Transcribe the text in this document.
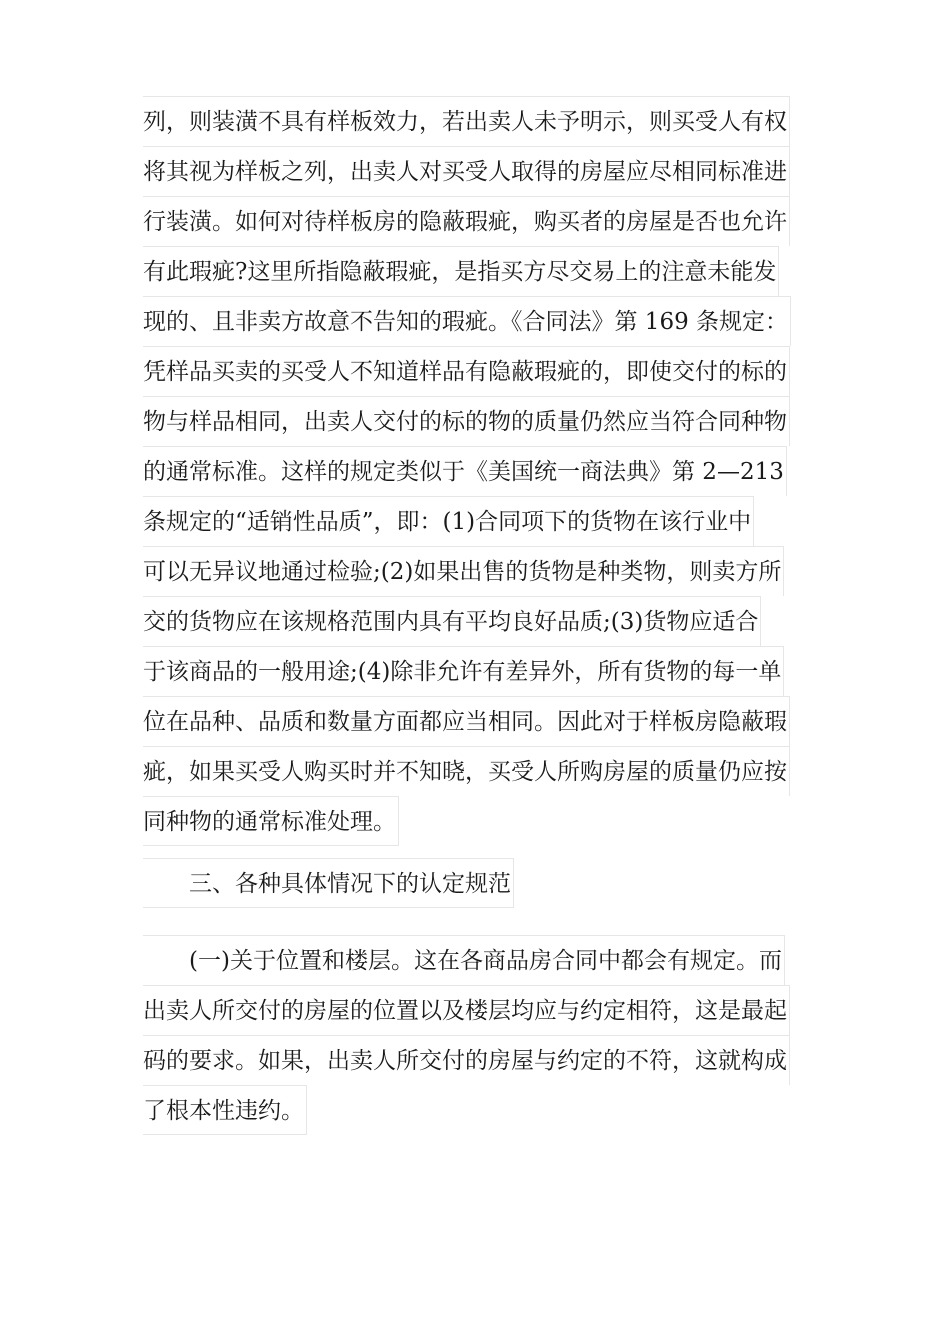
列，则装潢不具有样板效力，若出卖人未予明示，则买受人有权
将其视为样板之列，出卖人对买受人取得的房屋应尽相同标准进
行装潢。如何对待样板房的隐蔽瑕疵，购买者的房屋是否也允许
有此瑕疵?这里所指隐蔽瑕疵，是指买方尽交易上的注意未能发
现的、且非卖方故意不告知的瑕疵。《合同法》第 169 条规定：
凭样品买卖的买受人不知道样品有隐蔽瑕疵的，即使交付的标的
物与样品相同，出卖人交付的标的物的质量仍然应当符合同种物
的通常标准。这样的规定类似于《美国统一商法典》第 2—213
条规定的“适销性品质”，即：(1)合同项下的货物在该行业中
可以无异议地通过检验;(2)如果出售的货物是种类物，则卖方所
交的货物应在该规格范围内具有平均良好品质;(3)货物应适合
于该商品的一般用途;(4)除非允许有差异外，所有货物的每一单
位在品种、品质和数量方面都应当相同。因此对于样板房隐蔽瑕
疵，如果买受人购买时并不知晓，买受人所购房屋的质量仍应按
同种物的通常标准处理。
　　三、各种具体情况下的认定规范
　　(一)关于位置和楼层。这在各商品房合同中都会有规定。而
出卖人所交付的房屋的位置以及楼层均应与约定相符，这是最起
码的要求。如果，出卖人所交付的房屋与约定的不符，这就构成
了根本性违约。
